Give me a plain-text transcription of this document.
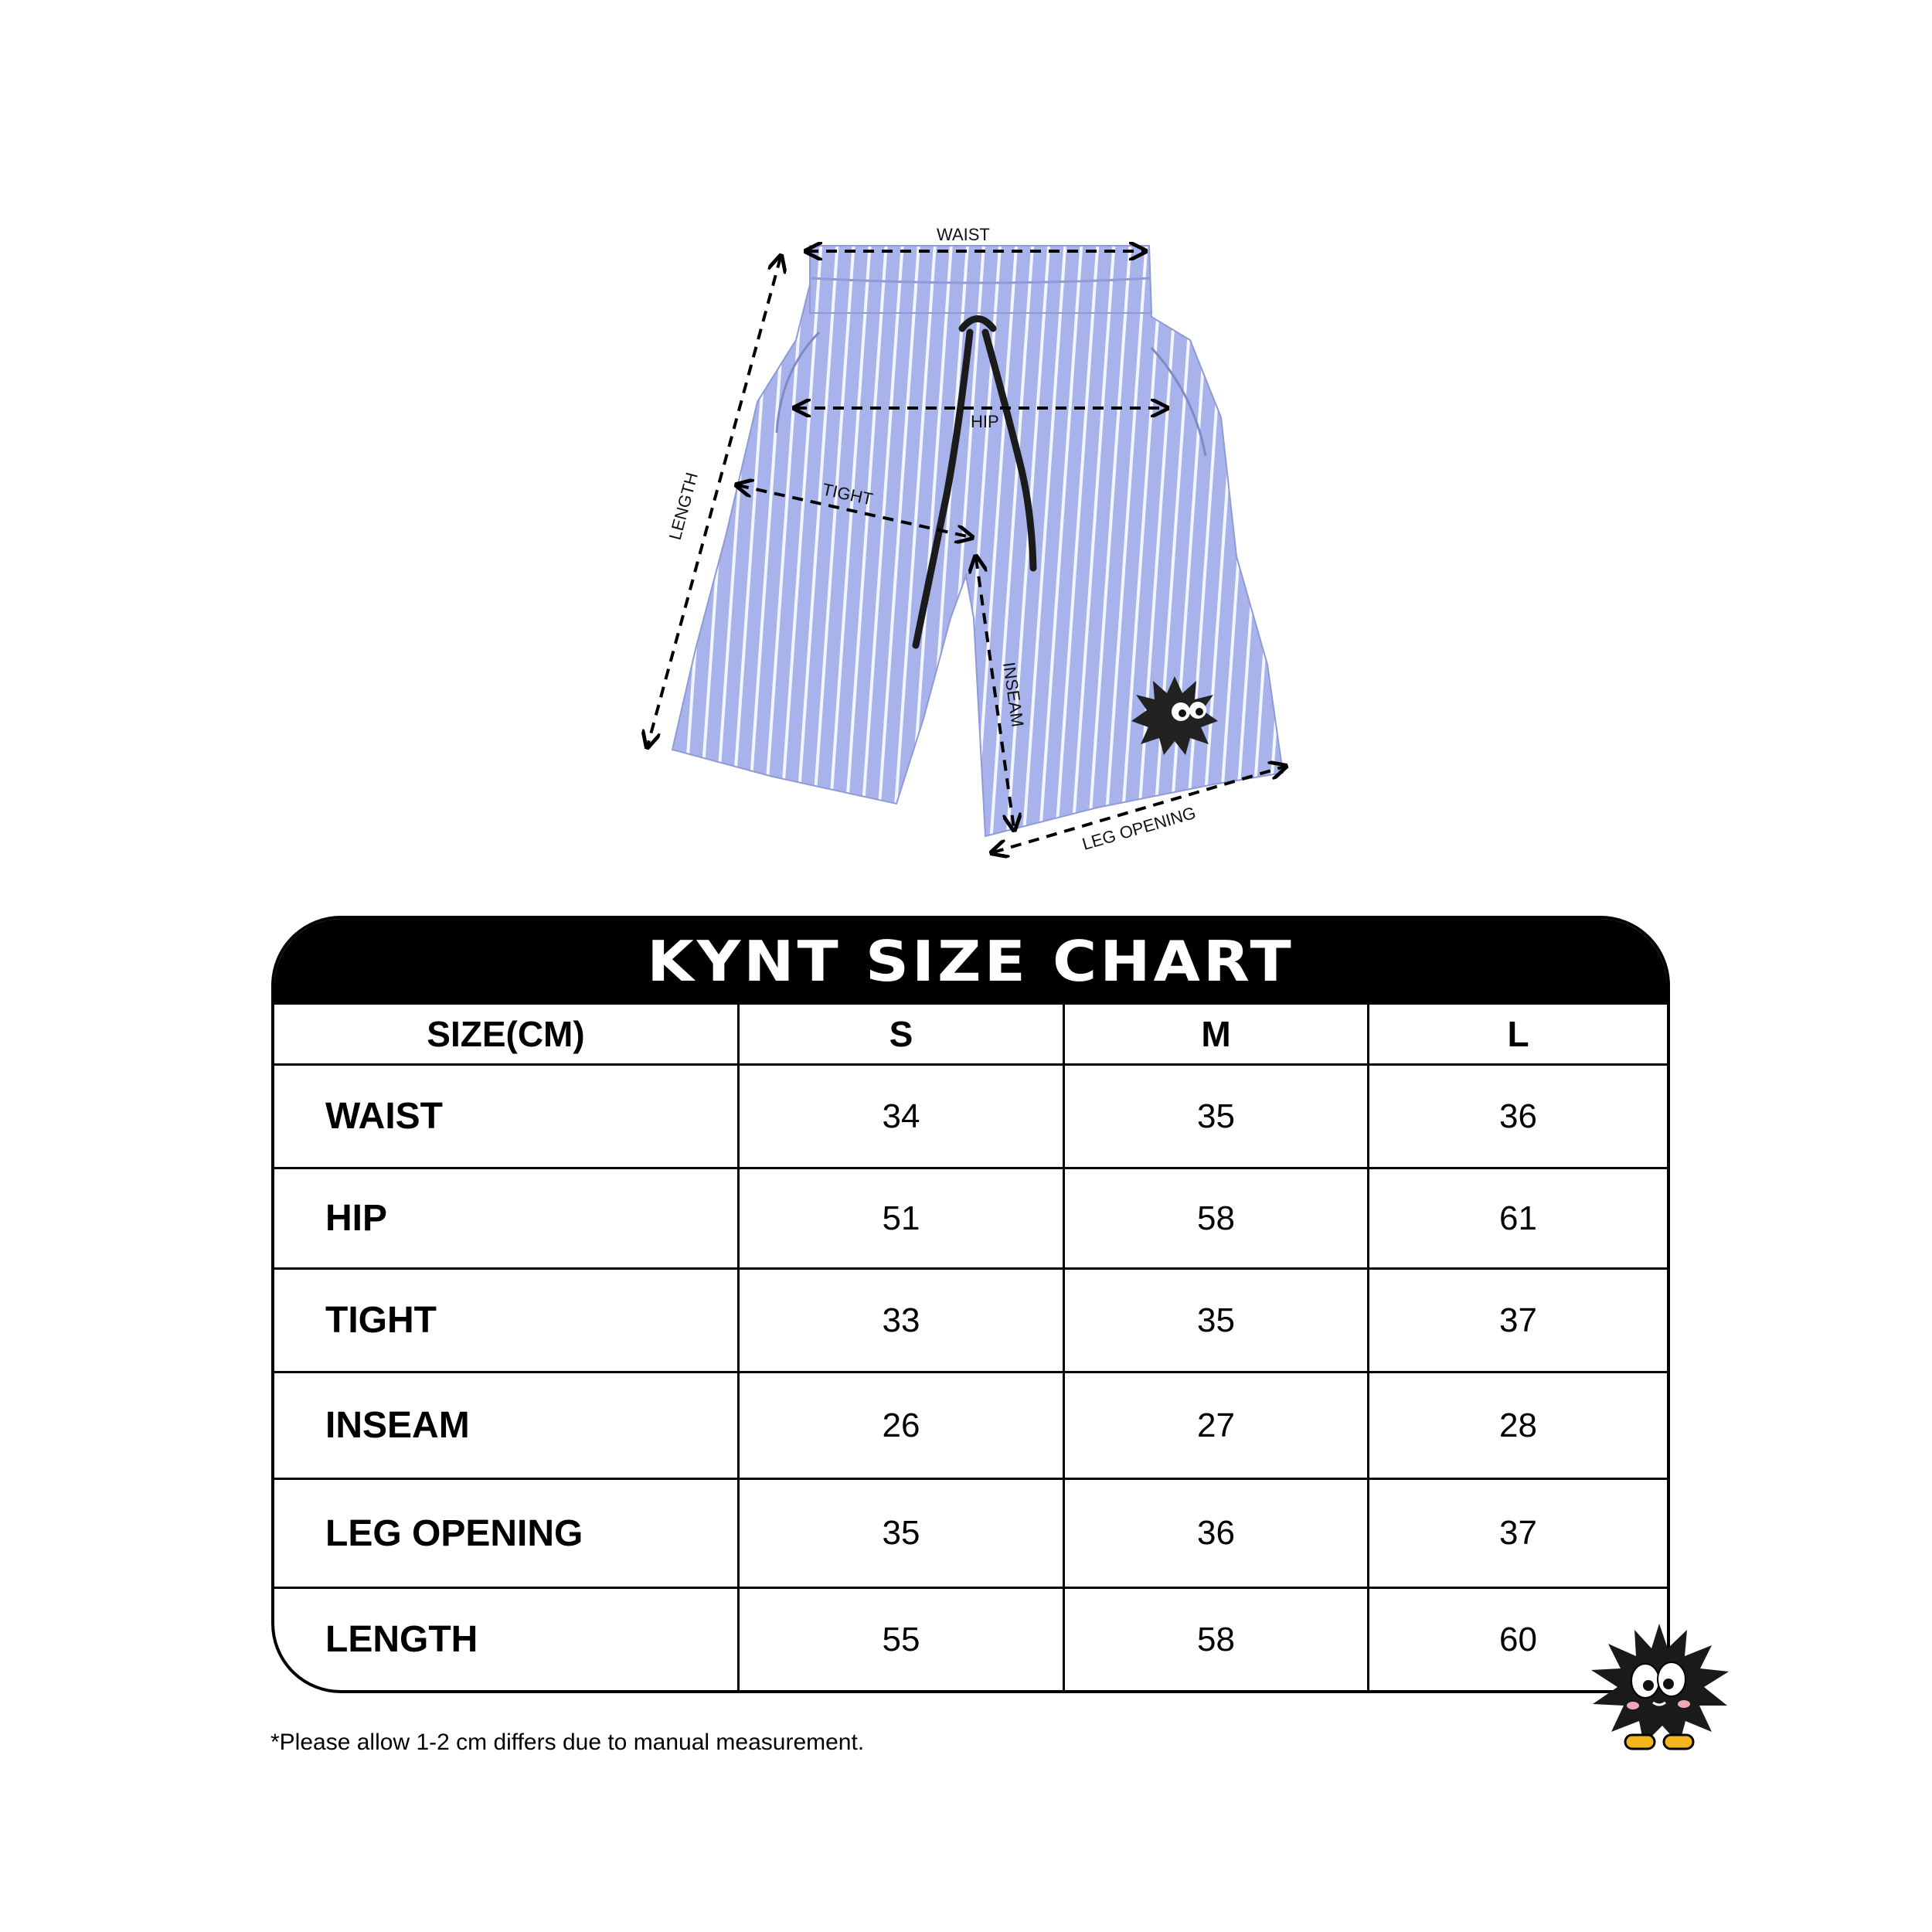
WAIST
HIP
TIGHT
LENGTH
INSEAM
LEG OPENING
KYNT SIZE CHART
SIZE(CM)	S	M	L
WAIST	34	35	36
HIP	51	58	61
TIGHT	33	35	37
INSEAM	26	27	28
LEG OPENING	35	36	37
LENGTH	55	58	60
*Please allow 1-2 cm differs due to manual measurement.
